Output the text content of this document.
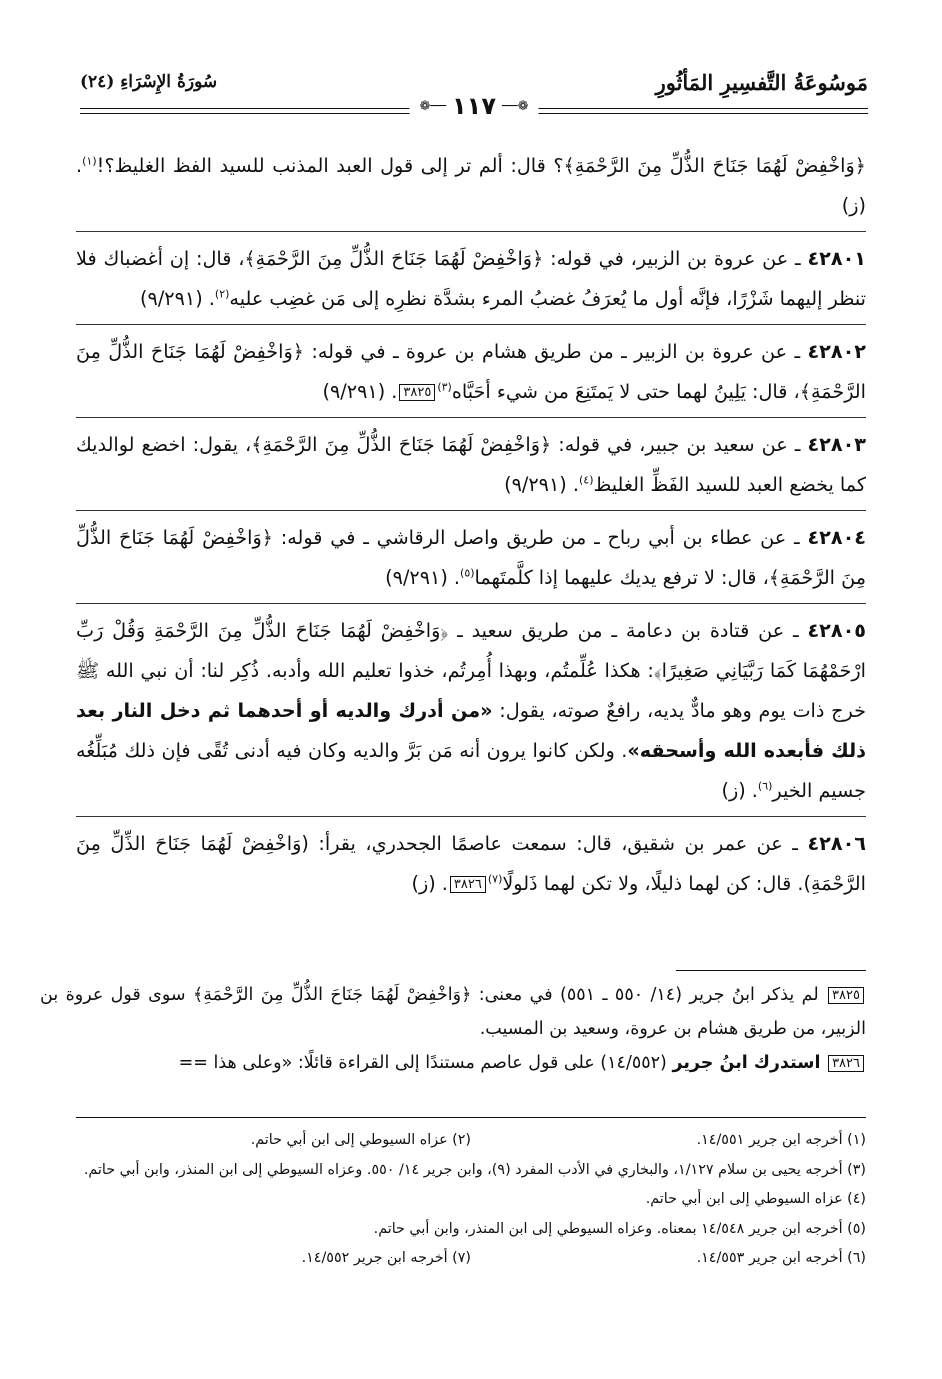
مَوسُوعَةُ التَّفسِيرِ المَأثُورِ
سُورَةُ الإِسْرَاءِ (٢٤)
❁── ١١٧ ──❁

﴿وَاخْفِضْ لَهُمَا جَنَاحَ الذُّلِّ مِنَ الرَّحْمَةِ﴾؟ قال: ألم تر إلى قول العبد المذنب للسيد الفظ الغليظ؟!$^{(١)}$. (ز)

٤٢٨٠١ ـ عن عروة بن الزبير، في قوله: ﴿وَاخْفِضْ لَهُمَا جَنَاحَ الذُّلِّ مِنَ الرَّحْمَةِ﴾، قال: إن أغضباك فلا تنظر إليهما شَزْرًا، فإنَّه أول ما يُعرَفُ غضبُ المرء بشدَّة نظرِه إلى مَن غضِب عليه$^{(٢)}$. (٩/٢٩١)

٤٢٨٠٢ ـ عن عروة بن الزبير ـ من طريق هشام بن عروة ـ في قوله: ﴿وَاخْفِضْ لَهُمَا جَنَاحَ الذُّلِّ مِنَ الرَّحْمَةِ﴾، قال: يَلِينُ لهما حتى لا يَمتَنِعَ من شيء أحَبَّاه$^{(٣)}$٣٨٢٥. (٩/٢٩١)

٤٢٨٠٣ ـ عن سعيد بن جبير، في قوله: ﴿وَاخْفِضْ لَهُمَا جَنَاحَ الذُّلِّ مِنَ الرَّحْمَةِ﴾، يقول: اخضع لوالديك كما يخضع العبد للسيد الفَظِّ الغليظ$^{(٤)}$. (٩/٢٩١)

٤٢٨٠٤ ـ عن عطاء بن أبي رباح ـ من طريق واصل الرقاشي ـ في قوله: ﴿وَاخْفِضْ لَهُمَا جَنَاحَ الذُّلِّ مِنَ الرَّحْمَةِ﴾، قال: لا ترفع يديك عليهما إذا كلَّمتَهما$^{(٥)}$. (٩/٢٩١)

٤٢٨٠٥ ـ عن قتادة بن دعامة ـ من طريق سعيد ـ ﴿وَاخْفِضْ لَهُمَا جَنَاحَ الذُّلِّ مِنَ الرَّحْمَةِ وَقُلْ رَبِّ ارْحَمْهُمَا كَمَا رَبَّيَانِي صَغِيرًا﴾: هكذا عُلِّمتُم، وبهذا أُمِرتُم، خذوا تعليم الله وأدبه. ذُكِر لنا: أن نبي الله ﷺ خرج ذات يوم وهو مادٌّ يديه، رافعٌ صوته، يقول: «من أدرك والديه أو أحدهما ثم دخل النار بعد ذلك فأبعده الله وأسحقه». ولكن كانوا يرون أنه مَن بَرَّ والديه وكان فيه أدنى تُقًى فإن ذلك مُبَلِّغُه جسيم الخير$^{(٦)}$. (ز)

٤٢٨٠٦ ـ عن عمر بن شقيق، قال: سمعت عاصمًا الجحدري، يقرأ: (وَاخْفِضْ لَهُمَا جَنَاحَ الذِّلِّ مِنَ الرَّحْمَةِ). قال: كن لهما ذليلًا، ولا تكن لهما ذَلولًا$^{(٧)}$٣٨٢٦. (ز)

٣٨٢٥ لم يذكر ابنُ جرير (١٤/ ٥٥٠ ـ ٥٥١) في معنى: ﴿وَاخْفِضْ لَهُمَا جَنَاحَ الذُّلِّ مِنَ الرَّحْمَةِ﴾ سوى قول عروة بن الزبير، من طريق هشام بن عروة، وسعيد بن المسيب.

٣٨٢٦ استدرك ابنُ جرير (١٤/٥٥٢) على قول عاصم مستندًا إلى القراءة قائلًا: «وعلى هذا ==

(١) أخرجه ابن جرير ١٤/٥٥١.
(٢) عزاه السيوطي إلى ابن أبي حاتم.
(٣) أخرجه يحيى بن سلام ١/١٢٧، والبخاري في الأدب المفرد (٩)، وابن جرير ١٤/ ٥٥٠. وعزاه السيوطي إلى ابن المنذر، وابن أبي حاتم.
(٤) عزاه السيوطي إلى ابن أبي حاتم.
(٥) أخرجه ابن جرير ١٤/٥٤٨ بمعناه. وعزاه السيوطي إلى ابن المنذر، وابن أبي حاتم.
(٦) أخرجه ابن جرير ١٤/٥٥٣.
(٧) أخرجه ابن جرير ١٤/٥٥٢.
